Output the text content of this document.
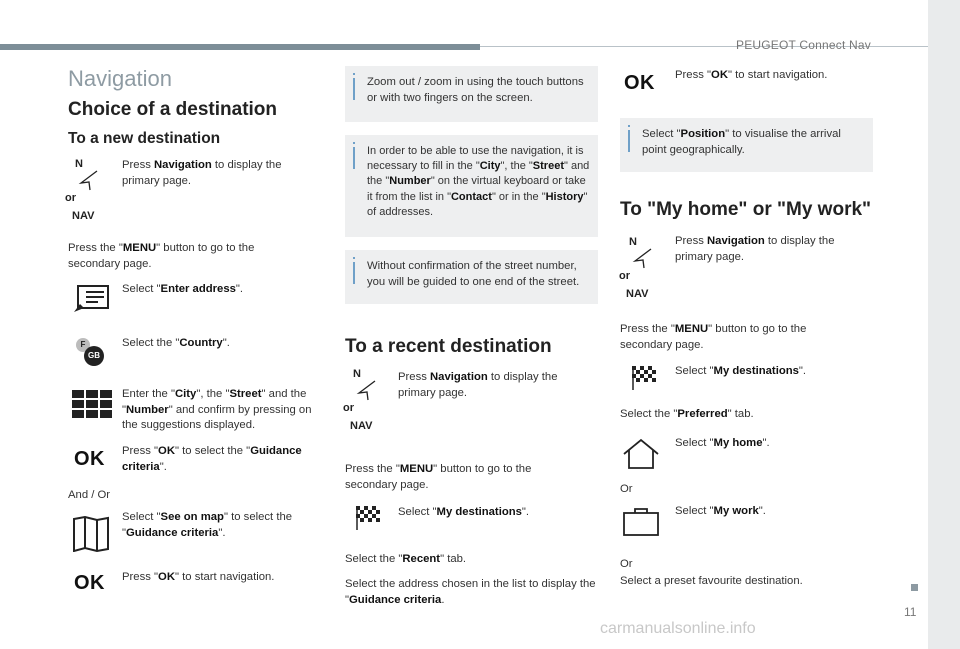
PEUGEOT Connect Nav
11
carmanualsonline.info
Navigation
Choice of a destination
To a new destination
N
or
NAV
Press Navigation to display the primary page.
Press the "MENU" button to go to the secondary page.
Select "Enter address".
F
GB
Select the "Country".
Enter the "City", the "Street" and the "Number" and confirm by pressing on the suggestions displayed.
OK Press "OK" to select the "Guidance criteria".
And / Or
Select "See on map" to select the "Guidance criteria".
OK Press "OK" to start navigation.
Zoom out / zoom in using the touch buttons or with two fingers on the screen.
In order to be able to use the navigation, it is necessary to fill in the "City", the "Street" and the "Number" on the virtual keyboard or take it from the list in "Contact" or in the "History" of addresses.
Without confirmation of the street number, you will be guided to one end of the street.
To a recent destination
N
or
NAV
Press Navigation to display the primary page.
Press the "MENU" button to go to the secondary page.
Select "My destinations".
Select the "Recent" tab.
Select the address chosen in the list to display the "Guidance criteria.
OK Press "OK" to start navigation.
Select "Position" to visualise the arrival point geographically.
To "My home" or "My work"
N
or
NAV
Press Navigation to display the primary page.
Press the "MENU" button to go to the secondary page.
Select "My destinations".
Select the "Preferred" tab.
Select "My home".
Or
Select "My work".
Or
Select a preset favourite destination.
